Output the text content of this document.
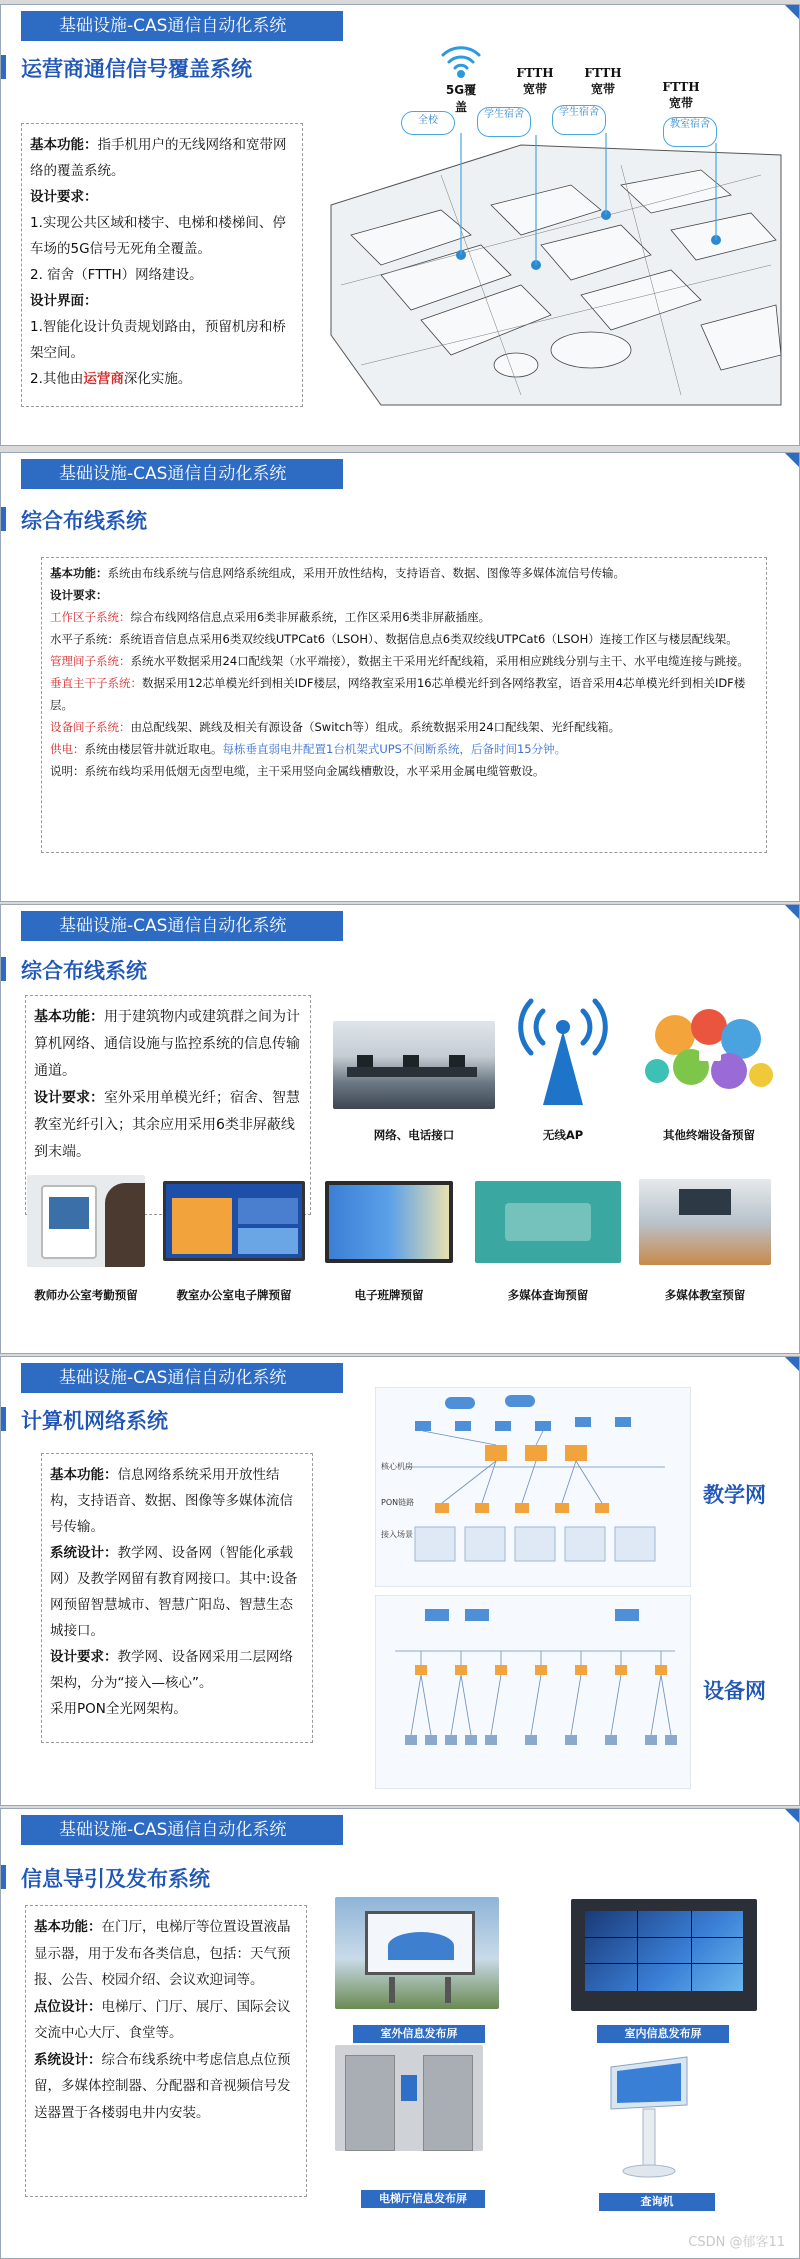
基础设施-CAS通信自动化系统
运营商通信信号覆盖系统

基本功能：指手机用户的无线网络和宽带网络的覆盖系统。

设计要求：

1.实现公共区域和楼宇、电梯和楼梯间、停车场的5G信号无死角全覆盖。

2. 宿舍（FTTH）网络建设。

设计界面：

1.智能化设计负责规划路由，预留机房和桥架空间。

2.其他由运营商深化实施。

5G覆盖
全校
FTTH
宽带
学生宿舍
FTTH
宽带
学生宿舍
FTTH
宽带
教室宿舍
基础设施-CAS通信自动化系统
综合布线系统

基本功能：系统由布线系统与信息网络系统组成，采用开放性结构，支持语音、数据、图像等多媒体流信号传输。

设计要求：

工作区子系统：综合布线网络信息点采用6类非屏蔽系统，工作区采用6类非屏蔽插座。

水平子系统：系统语音信息点采用6类双绞线UTPCat6（LSOH）、数据信息点6类双绞线UTPCat6（LSOH）连接工作区与楼层配线架。

管理间子系统：系统水平数据采用24口配线架（水平端接），数据主干采用光纤配线箱，采用相应跳线分别与主干、水平电缆连接与跳接。

垂直主干子系统：数据采用12芯单模光纤到相关IDF楼层，网络教室采用16芯单模光纤到各网络教室，语音采用4芯单模光纤到相关IDF楼层。

设备间子系统：由总配线架、跳线及相关有源设备（Switch等）组成。系统数据采用24口配线架、光纤配线箱。

供电：系统由楼层管井就近取电。每栋垂直弱电井配置1台机架式UPS不间断系统，后备时间15分钟。

说明：系统布线均采用低烟无卤型电缆，主干采用竖向金属线槽敷设，水平采用金属电缆管敷设。

基础设施-CAS通信自动化系统
综合布线系统

基本功能：用于建筑物内或建筑群之间为计算机网络、通信设施与监控系统的信息传输通道。

设计要求：室外采用单模光纤；宿舍、智慧教室光纤引入；其余应用采用6类非屏蔽线到末端。

网络、电话接口	无线AP	其他终端设备预留
教师办公室考勤预留	教室办公室电子牌预留	电子班牌预留	多媒体查询预留	多媒体教室预留
基础设施-CAS通信自动化系统
计算机网络系统

基本功能：信息网络系统采用开放性结构，支持语音、数据、图像等多媒体流信号传输。

系统设计：教学网、设备网（智能化承载网）及教学网留有教育网接口。其中:设备网预留智慧城市、智慧广阳岛、智慧生态城接口。

设计要求：教学网、设备网采用二层网络架构，分为“接入—核心”。

采用PON全光网架构。

核心机房
PON链路
接入场景
教学网
设备网
基础设施-CAS通信自动化系统
信息导引及发布系统

基本功能：在门厅，电梯厅等位置设置液晶显示器，用于发布各类信息，包括：天气预报、公告、校园介绍、会议欢迎词等。

点位设计：电梯厅、门厅、展厅、国际会议交流中心大厅、食堂等。

系统设计：综合布线系统中考虑信息点位预留，多媒体控制器、分配器和音视频信号发送器置于各楼弱电井内安装。

室外信息发布屏	室内信息发布屏
电梯厅信息发布屏	查询机
CSDN @郁客11
